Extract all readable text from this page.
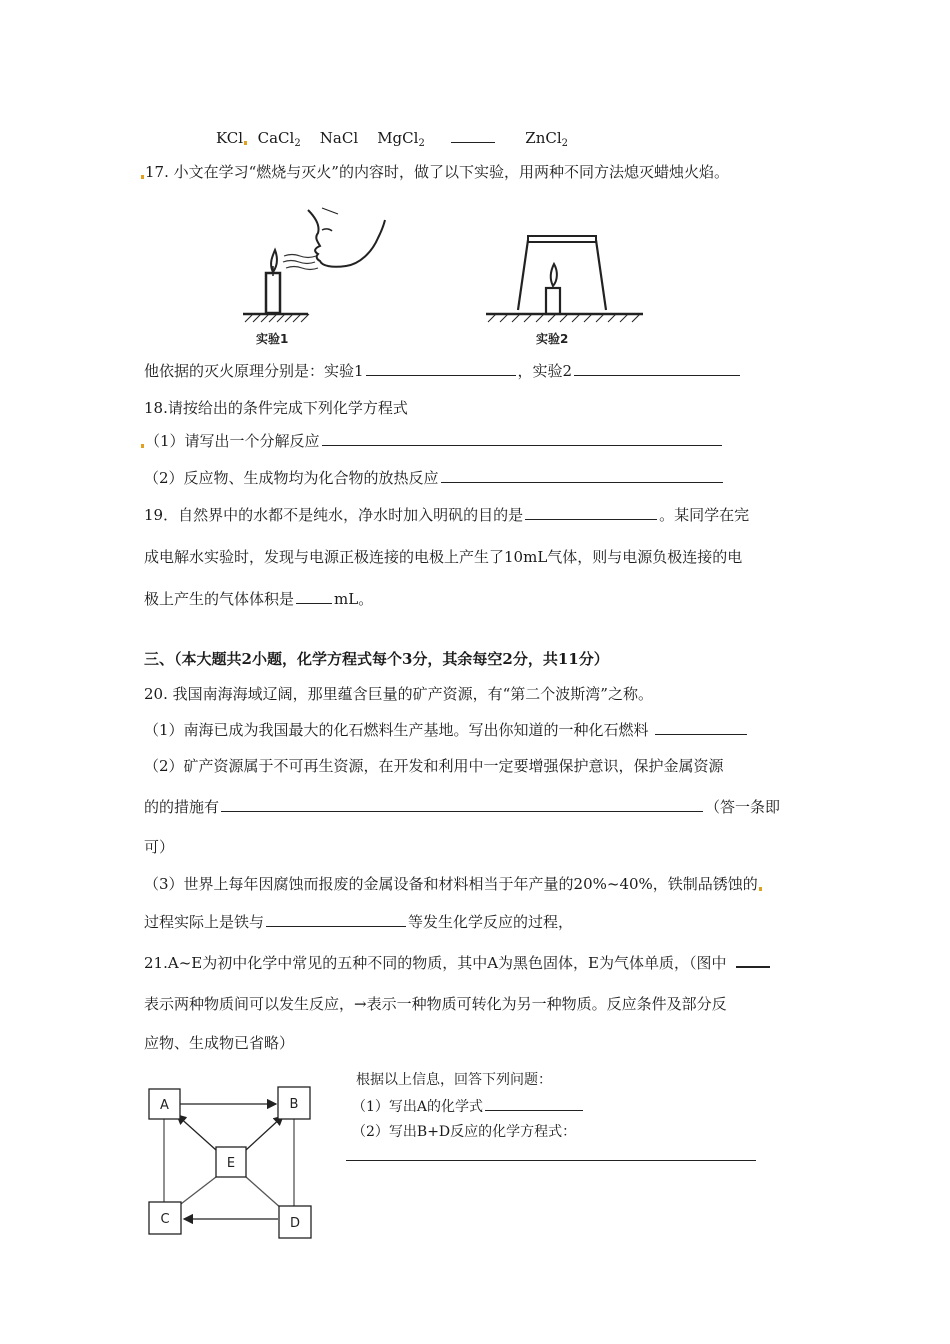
KCl CaCl$_2$ NaCl MgCl$_2$	ZnCl$_2$
17. 小文在学习“燃烧与灭火”的内容时，做了以下实验，用两种不同方法熄灭蜡烛火焰。
实验1	实验2
他依据的灭火原理分别是：实验1	，实验2
18.请按给出的条件完成下列化学方程式
（1）请写出一个分解反应
（2）反应物、生成物均为化合物的放热反应
19．自然界中的水都不是纯水，净水时加入明矾的目的是	。某同学在完
成电解水实验时，发现与电源正极连接的电极上产生了10mL气体，则与电源负极连接的电
极上产生的气体体积是	mL。
三、（本大题共2小题，化学方程式每个3分，其余每空2分，共11分）
20. 我国南海海域辽阔，那里蕴含巨量的矿产资源，有“第二个波斯湾”之称。
（1）南海已成为我国最大的化石燃料生产基地。写出你知道的一种化石燃料
（2）矿产资源属于不可再生资源，在开发和利用中一定要增强保护意识，保护金属资源
的的措施有	（答一条即
可）
（3）世界上每年因腐蚀而报废的金属设备和材料相当于年产量的20%~40%，铁制品锈蚀的
过程实际上是铁与	等发生化学反应的过程，
21.A~E为初中化学中常见的五种不同的物质，其中A为黑色固体，E为气体单质，（图中
表示两种物质间可以发生反应，→表示一种物质可转化为另一种物质。反应条件及部分反
应物、生成物已省略）
A	B
E
C	D
根据以上信息，回答下列问题：
（1）写出A的化学式
（2）写出B+D反应的化学方程式：
